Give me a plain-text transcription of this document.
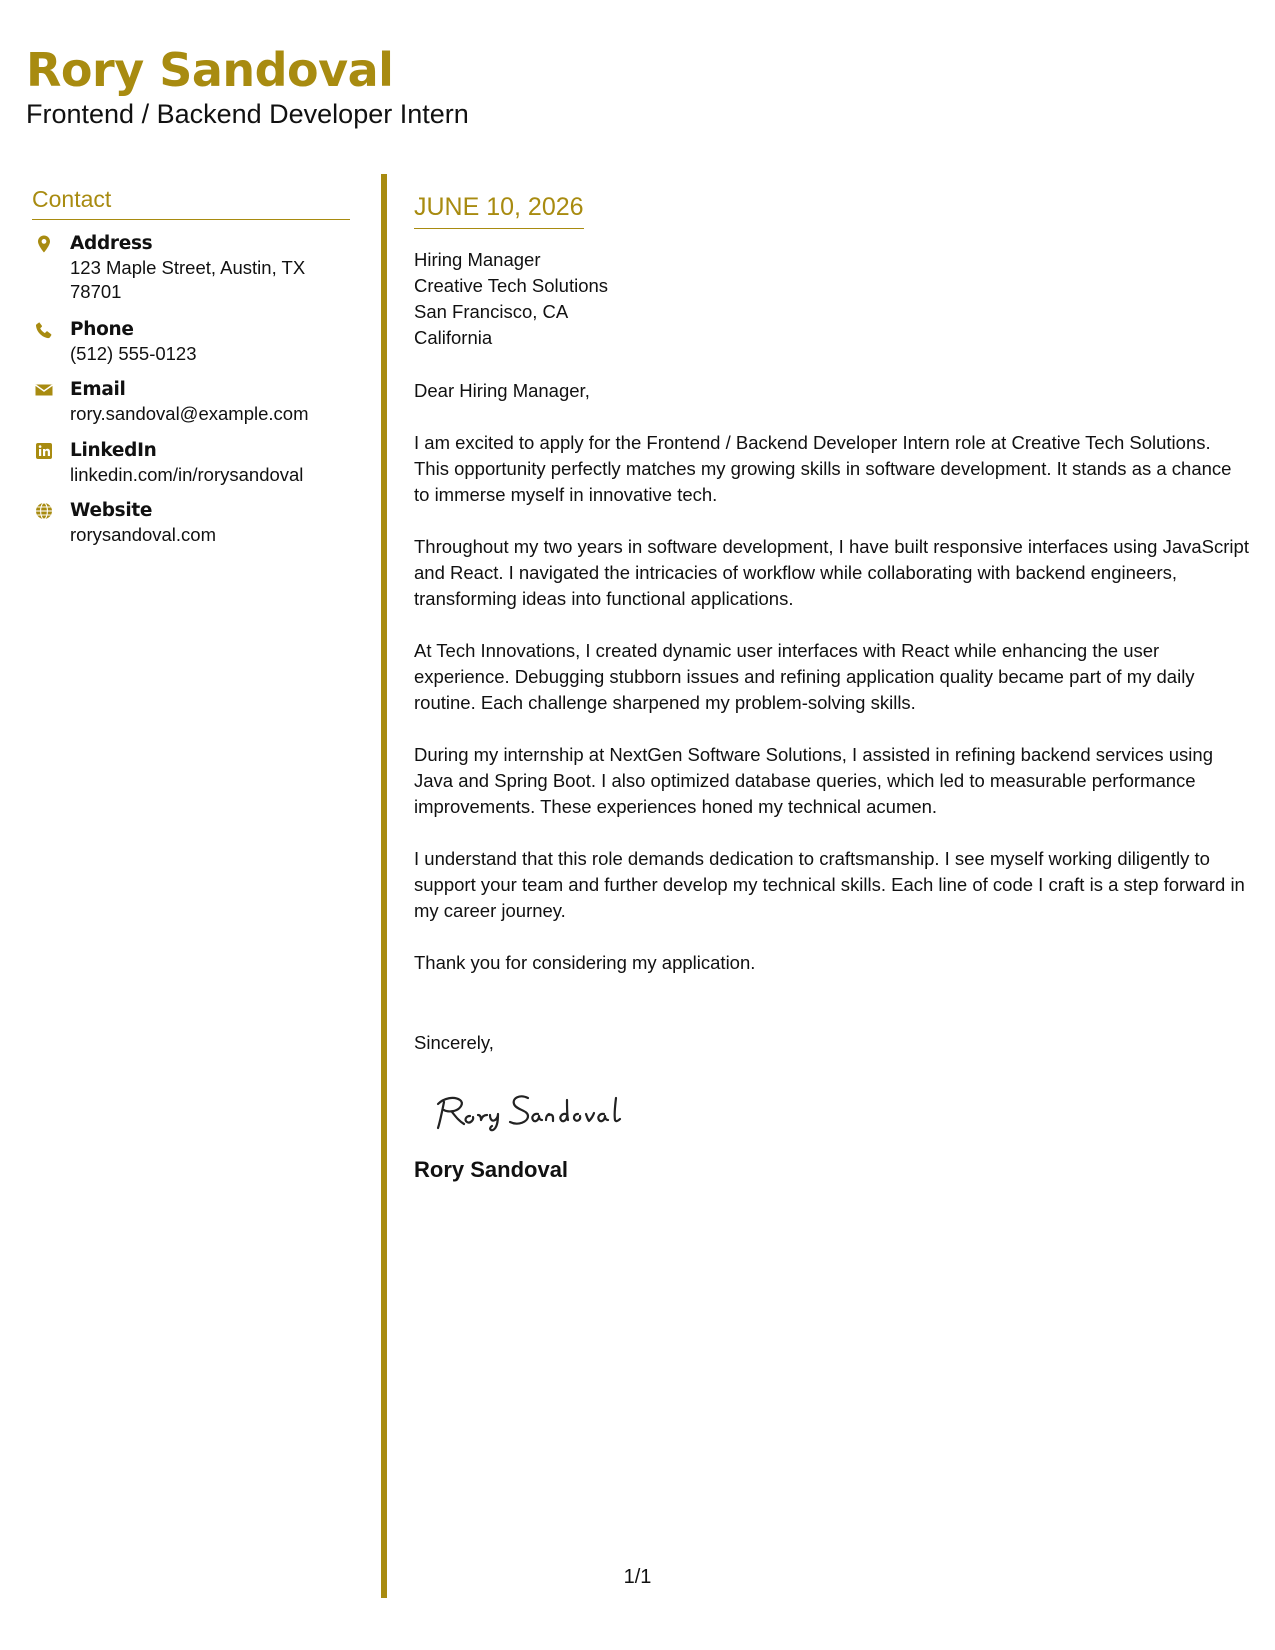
Rory Sandoval
Frontend / Backend Developer Intern
Contact
Address
123 Maple Street, Austin, TX 78701
Phone
(512) 555-0123
Email
rory.sandoval@example.com
LinkedIn
linkedin.com/in/rorysandoval
Website
rorysandoval.com
JUNE 10, 2026
Hiring Manager
Creative Tech Solutions
San Francisco, CA
California

Dear Hiring Manager,

I am excited to apply for the Frontend / Backend Developer Intern role at Creative Tech Solutions. This opportunity perfectly matches my growing skills in software development. It stands as a chance to immerse myself in innovative tech.

Throughout my two years in software development, I have built responsive interfaces using JavaScript and React. I navigated the intricacies of workflow while collaborating with backend engineers, transforming ideas into functional applications.

At Tech Innovations, I created dynamic user interfaces with React while enhancing the user experience. Debugging stubborn issues and refining application quality became part of my daily routine. Each challenge sharpened my problem-solving skills.

During my internship at NextGen Software Solutions, I assisted in refining backend services using Java and Spring Boot. I also optimized database queries, which led to measurable performance improvements. These experiences honed my technical acumen.

I understand that this role demands dedication to craftsmanship. I see myself working diligently to support your team and further develop my technical skills. Each line of code I craft is a step forward in my career journey.

Thank you for considering my application.

Sincerely,

Rory Sandoval
1/1
